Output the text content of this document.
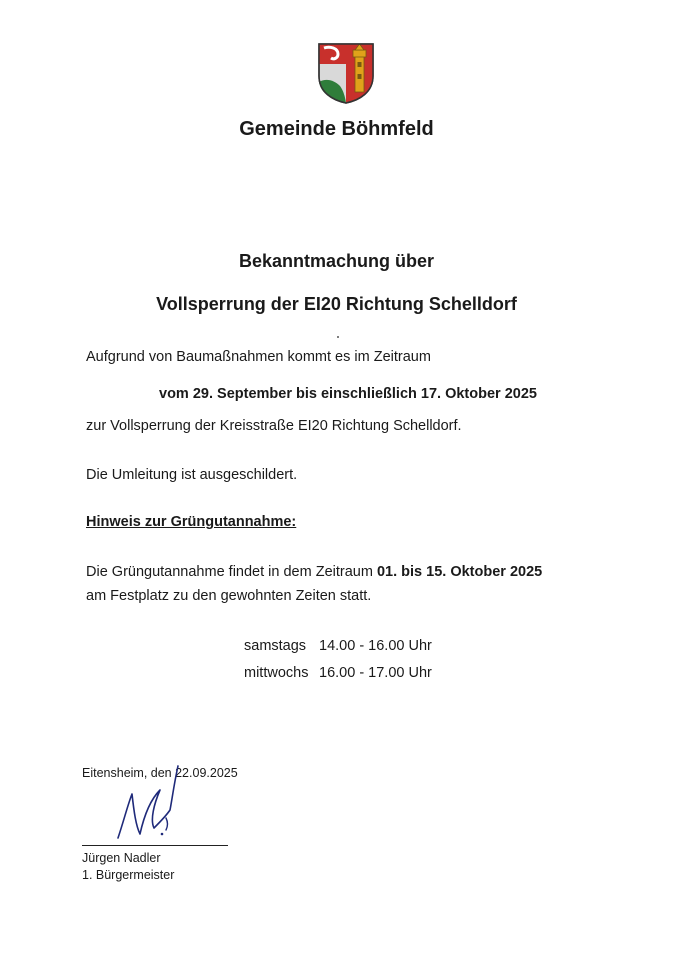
Gemeinde Böhmfeld
Bekanntmachung über
Vollsperrung der EI20 Richtung Schelldorf
Aufgrund von Baumaßnahmen kommt es im Zeitraum
vom 29. September bis einschließlich 17. Oktober 2025
zur Vollsperrung der Kreisstraße EI20 Richtung Schelldorf.
Die Umleitung ist ausgeschildert.
Hinweis zur Grüngutannahme:
Die Grüngutannahme findet in dem Zeitraum 01. bis 15. Oktober 2025
am Festplatz zu den gewohnten Zeiten statt.
samstags 14.00 - 16.00 Uhr
mittwochs 16.00 - 17.00 Uhr
Eitensheim, den 22.09.2025
Jürgen Nadler
1. Bürgermeister
